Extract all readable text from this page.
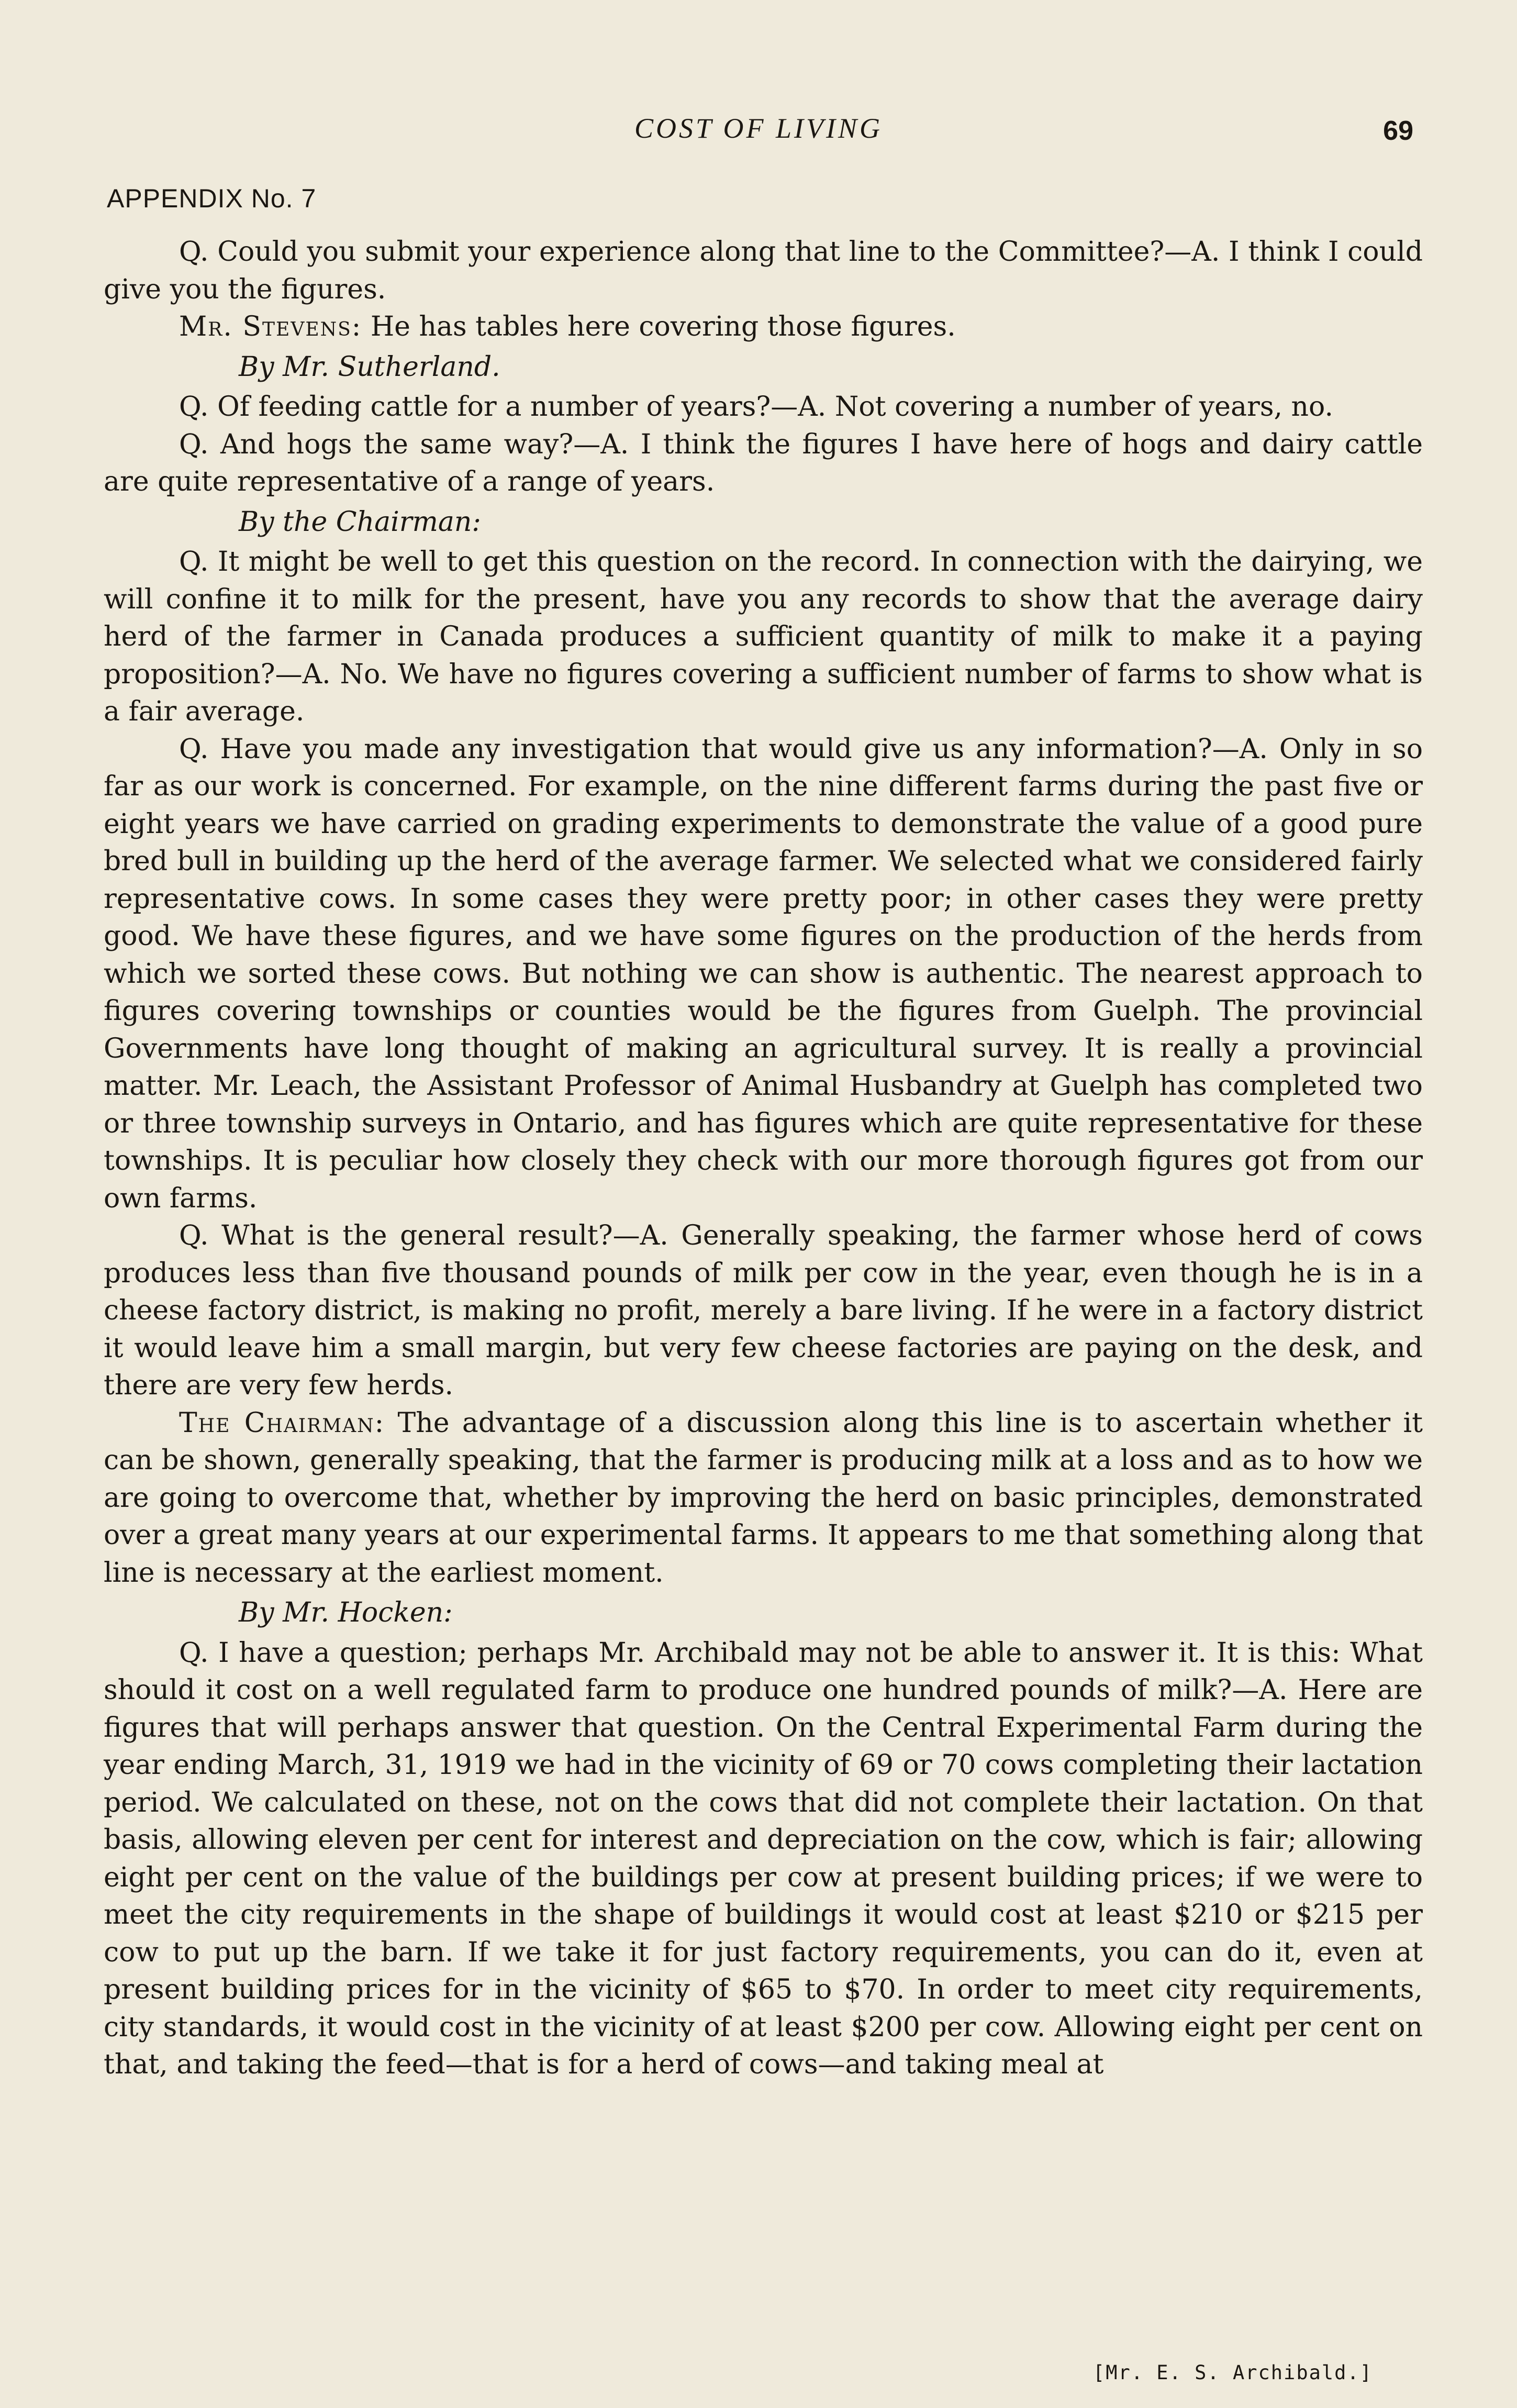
COST OF LIVING	69
APPENDIX No. 7

Q. Could you submit your experience along that line to the Committee?—A. I think I could give you the figures.

Mr. Stevens: He has tables here covering those figures.

By Mr. Sutherland.

Q. Of feeding cattle for a number of years?—A. Not covering a number of years, no.

Q. And hogs the same way?—A. I think the figures I have here of hogs and dairy cattle are quite representative of a range of years.

By the Chairman:

Q. It might be well to get this question on the record. In connection with the dairying, we will confine it to milk for the present, have you any records to show that the average dairy herd of the farmer in Canada produces a sufficient quantity of milk to make it a paying proposition?—A. No. We have no figures covering a sufficient number of farms to show what is a fair average.

Q. Have you made any investigation that would give us any information?—A. Only in so far as our work is concerned. For example, on the nine different farms during the past five or eight years we have carried on grading experiments to demonstrate the value of a good pure bred bull in building up the herd of the average farmer. We selected what we considered fairly representative cows. In some cases they were pretty poor; in other cases they were pretty good. We have these figures, and we have some figures on the production of the herds from which we sorted these cows. But nothing we can show is authentic. The nearest approach to figures covering townships or counties would be the figures from Guelph. The provincial Governments have long thought of making an agricultural survey. It is really a provincial matter. Mr. Leach, the Assistant Professor of Animal Husbandry at Guelph has completed two or three township surveys in Ontario, and has figures which are quite representative for these townships. It is peculiar how closely they check with our more thorough figures got from our own farms.

Q. What is the general result?—A. Generally speaking, the farmer whose herd of cows produces less than five thousand pounds of milk per cow in the year, even though he is in a cheese factory district, is making no profit, merely a bare living. If he were in a factory district it would leave him a small margin, but very few cheese factories are paying on the desk, and there are very few herds.

The Chairman: The advantage of a discussion along this line is to ascertain whether it can be shown, generally speaking, that the farmer is producing milk at a loss and as to how we are going to overcome that, whether by improving the herd on basic principles, demonstrated over a great many years at our experimental farms. It appears to me that something along that line is necessary at the earliest moment.

By Mr. Hocken:

Q. I have a question; perhaps Mr. Archibald may not be able to answer it. It is this: What should it cost on a well regulated farm to produce one hundred pounds of milk?—A. Here are figures that will perhaps answer that question. On the Central Experimental Farm during the year ending March, 31, 1919 we had in the vicinity of 69 or 70 cows completing their lactation period. We calculated on these, not on the cows that did not complete their lactation. On that basis, allowing eleven per cent for interest and depreciation on the cow, which is fair; allowing eight per cent on the value of the buildings per cow at present building prices; if we were to meet the city requirements in the shape of buildings it would cost at least $210 or $215 per cow to put up the barn. If we take it for just factory requirements, you can do it, even at present building prices for in the vicinity of $65 to $70. In order to meet city requirements, city standards, it would cost in the vicinity of at least $200 per cow. Allowing eight per cent on that, and taking the feed—that is for a herd of cows—and taking meal at

[Mr. E. S. Archibald.]
